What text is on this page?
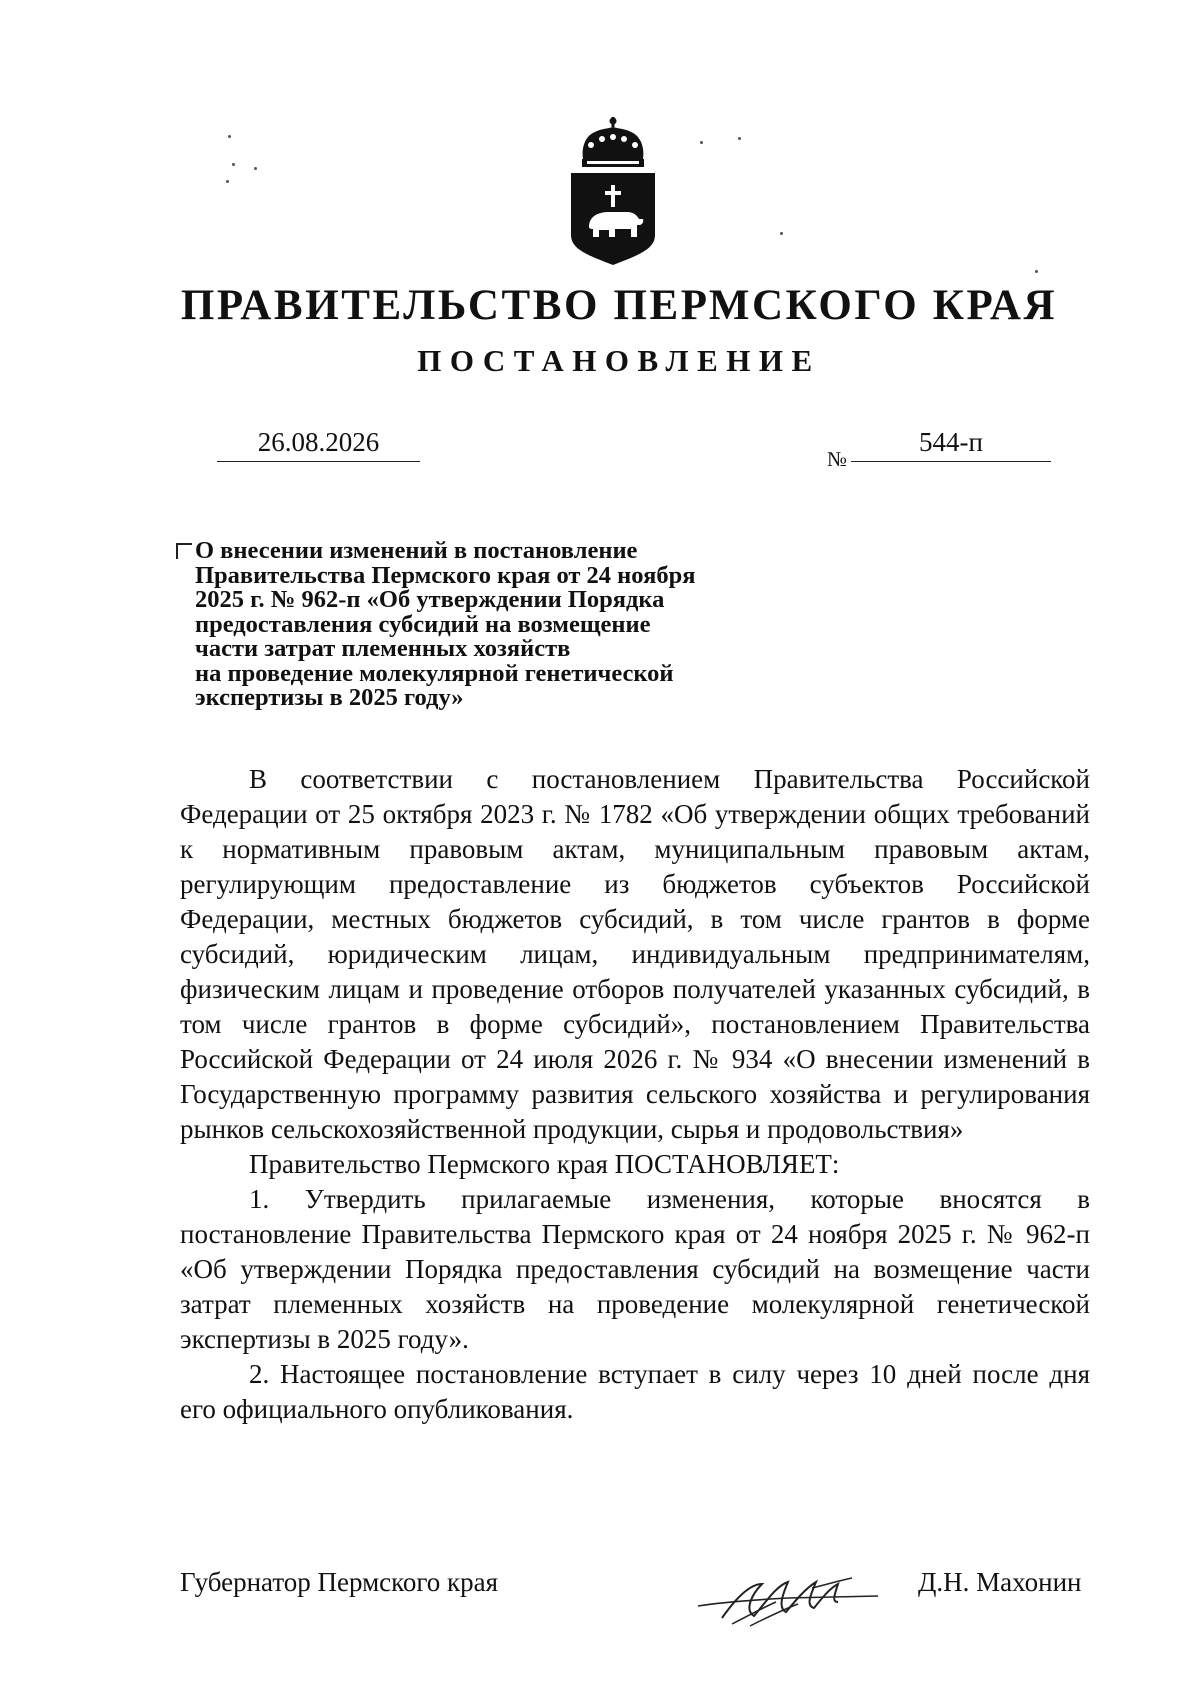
ПРАВИТЕЛЬСТВО ПЕРМСКОГО КРАЯ
ПОСТАНОВЛЕНИЕ
26.08.2026
№
544-п
О внесении изменений в постановление
Правительства Пермского края от 24 ноября
2025 г. № 962-п «Об утверждении Порядка
предоставления субсидий на возмещение
части затрат племенных хозяйств
на проведение молекулярной генетической
экспертизы в 2025 году»

В соответствии с постановлением Правительства Российской Федерации от 25 октября 2023 г. № 1782 «Об утверждении общих требований к нормативным правовым актам, муниципальным правовым актам, регулирующим предоставление из бюджетов субъектов Российской Федерации, местных бюджетов субсидий, в том числе грантов в форме субсидий, юридическим лицам, индивидуальным предпринимателям, физическим лицам и проведение отборов получателей указанных субсидий, в том числе грантов в форме субсидий», постановлением Правительства Российской Федерации от 24 июля 2026 г. № 934 «О внесении изменений в Государственную программу развития сельского хозяйства и регулирования рынков сельскохозяйственной продукции, сырья и продовольствия»

Правительство Пермского края ПОСТАНОВЛЯЕТ:

1. Утвердить прилагаемые изменения, которые вносятся в постановление Правительства Пермского края от 24 ноября 2025 г. № 962-п «Об утверждении Порядка предоставления субсидий на возмещение части затрат племенных хозяйств на проведение молекулярной генетической экспертизы в 2025 году».

2. Настоящее постановление вступает в силу через 10 дней после дня его официального опубликования.

Губернатор Пермского края	Д.Н. Махонин
